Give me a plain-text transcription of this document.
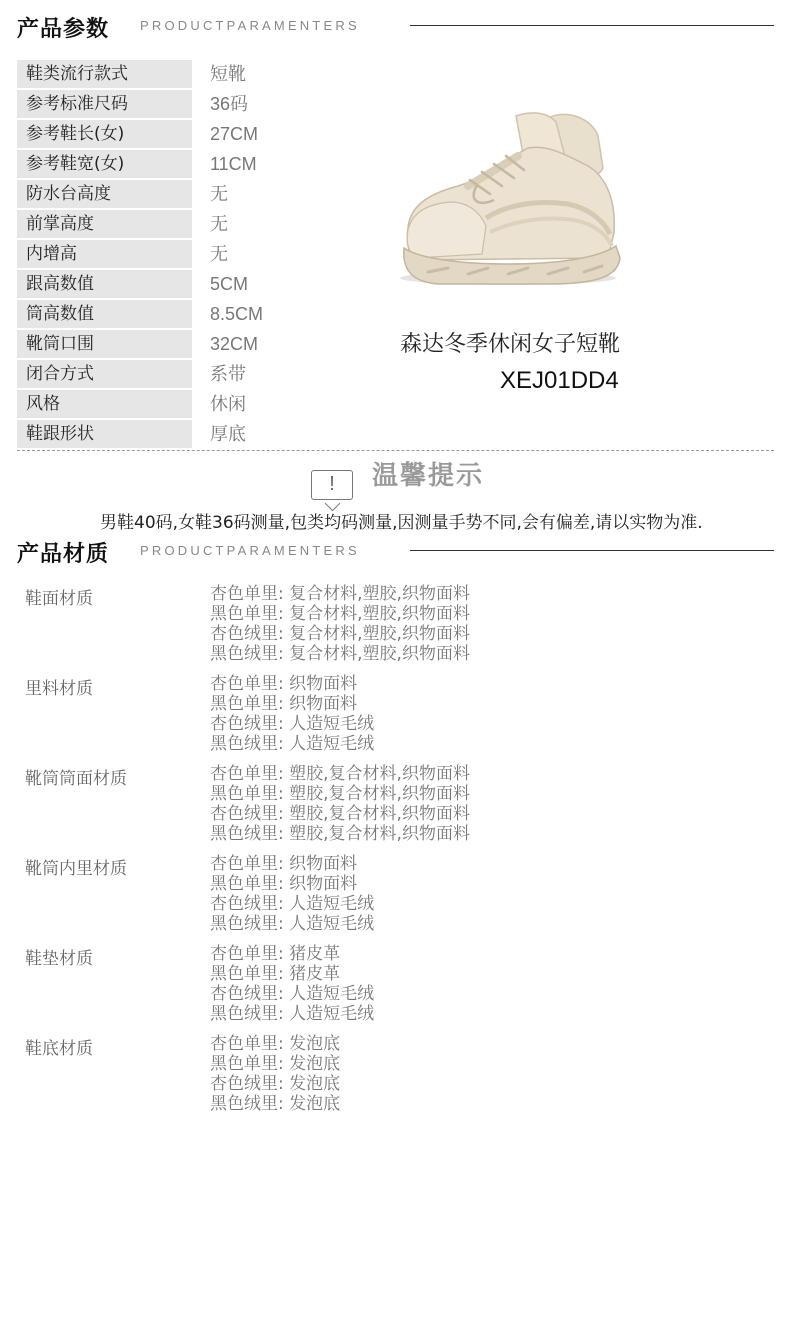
产品参数 PRODUCTPARAMENTERS
鞋类流行款式	短靴
参考标准尺码	36码
参考鞋长(女)	27CM
参考鞋宽(女)	11CM
防水台高度	无
前掌高度	无
内增高	无
跟高数值	5CM
筒高数值	8.5CM
靴筒口围	32CM
闭合方式	系带
风格	休闲
鞋跟形状	厚底
森达冬季休闲女子短靴
XEJ01DD4
!	温馨提示
男鞋40码,女鞋36码测量,包类均码测量,因测量手势不同,会有偏差,请以实物为准.
产品材质 PRODUCTPARAMENTERS
鞋面材质	杏色单里: 复合材料,塑胶,织物面料
黑色单里: 复合材料,塑胶,织物面料
杏色绒里: 复合材料,塑胶,织物面料
黑色绒里: 复合材料,塑胶,织物面料
里料材质	杏色单里: 织物面料
黑色单里: 织物面料
杏色绒里: 人造短毛绒
黑色绒里: 人造短毛绒
靴筒筒面材质	杏色单里: 塑胶,复合材料,织物面料
黑色单里: 塑胶,复合材料,织物面料
杏色绒里: 塑胶,复合材料,织物面料
黑色绒里: 塑胶,复合材料,织物面料
靴筒内里材质	杏色单里: 织物面料
黑色单里: 织物面料
杏色绒里: 人造短毛绒
黑色绒里: 人造短毛绒
鞋垫材质	杏色单里: 猪皮革
黑色单里: 猪皮革
杏色绒里: 人造短毛绒
黑色绒里: 人造短毛绒
鞋底材质	杏色单里: 发泡底
黑色单里: 发泡底
杏色绒里: 发泡底
黑色绒里: 发泡底
